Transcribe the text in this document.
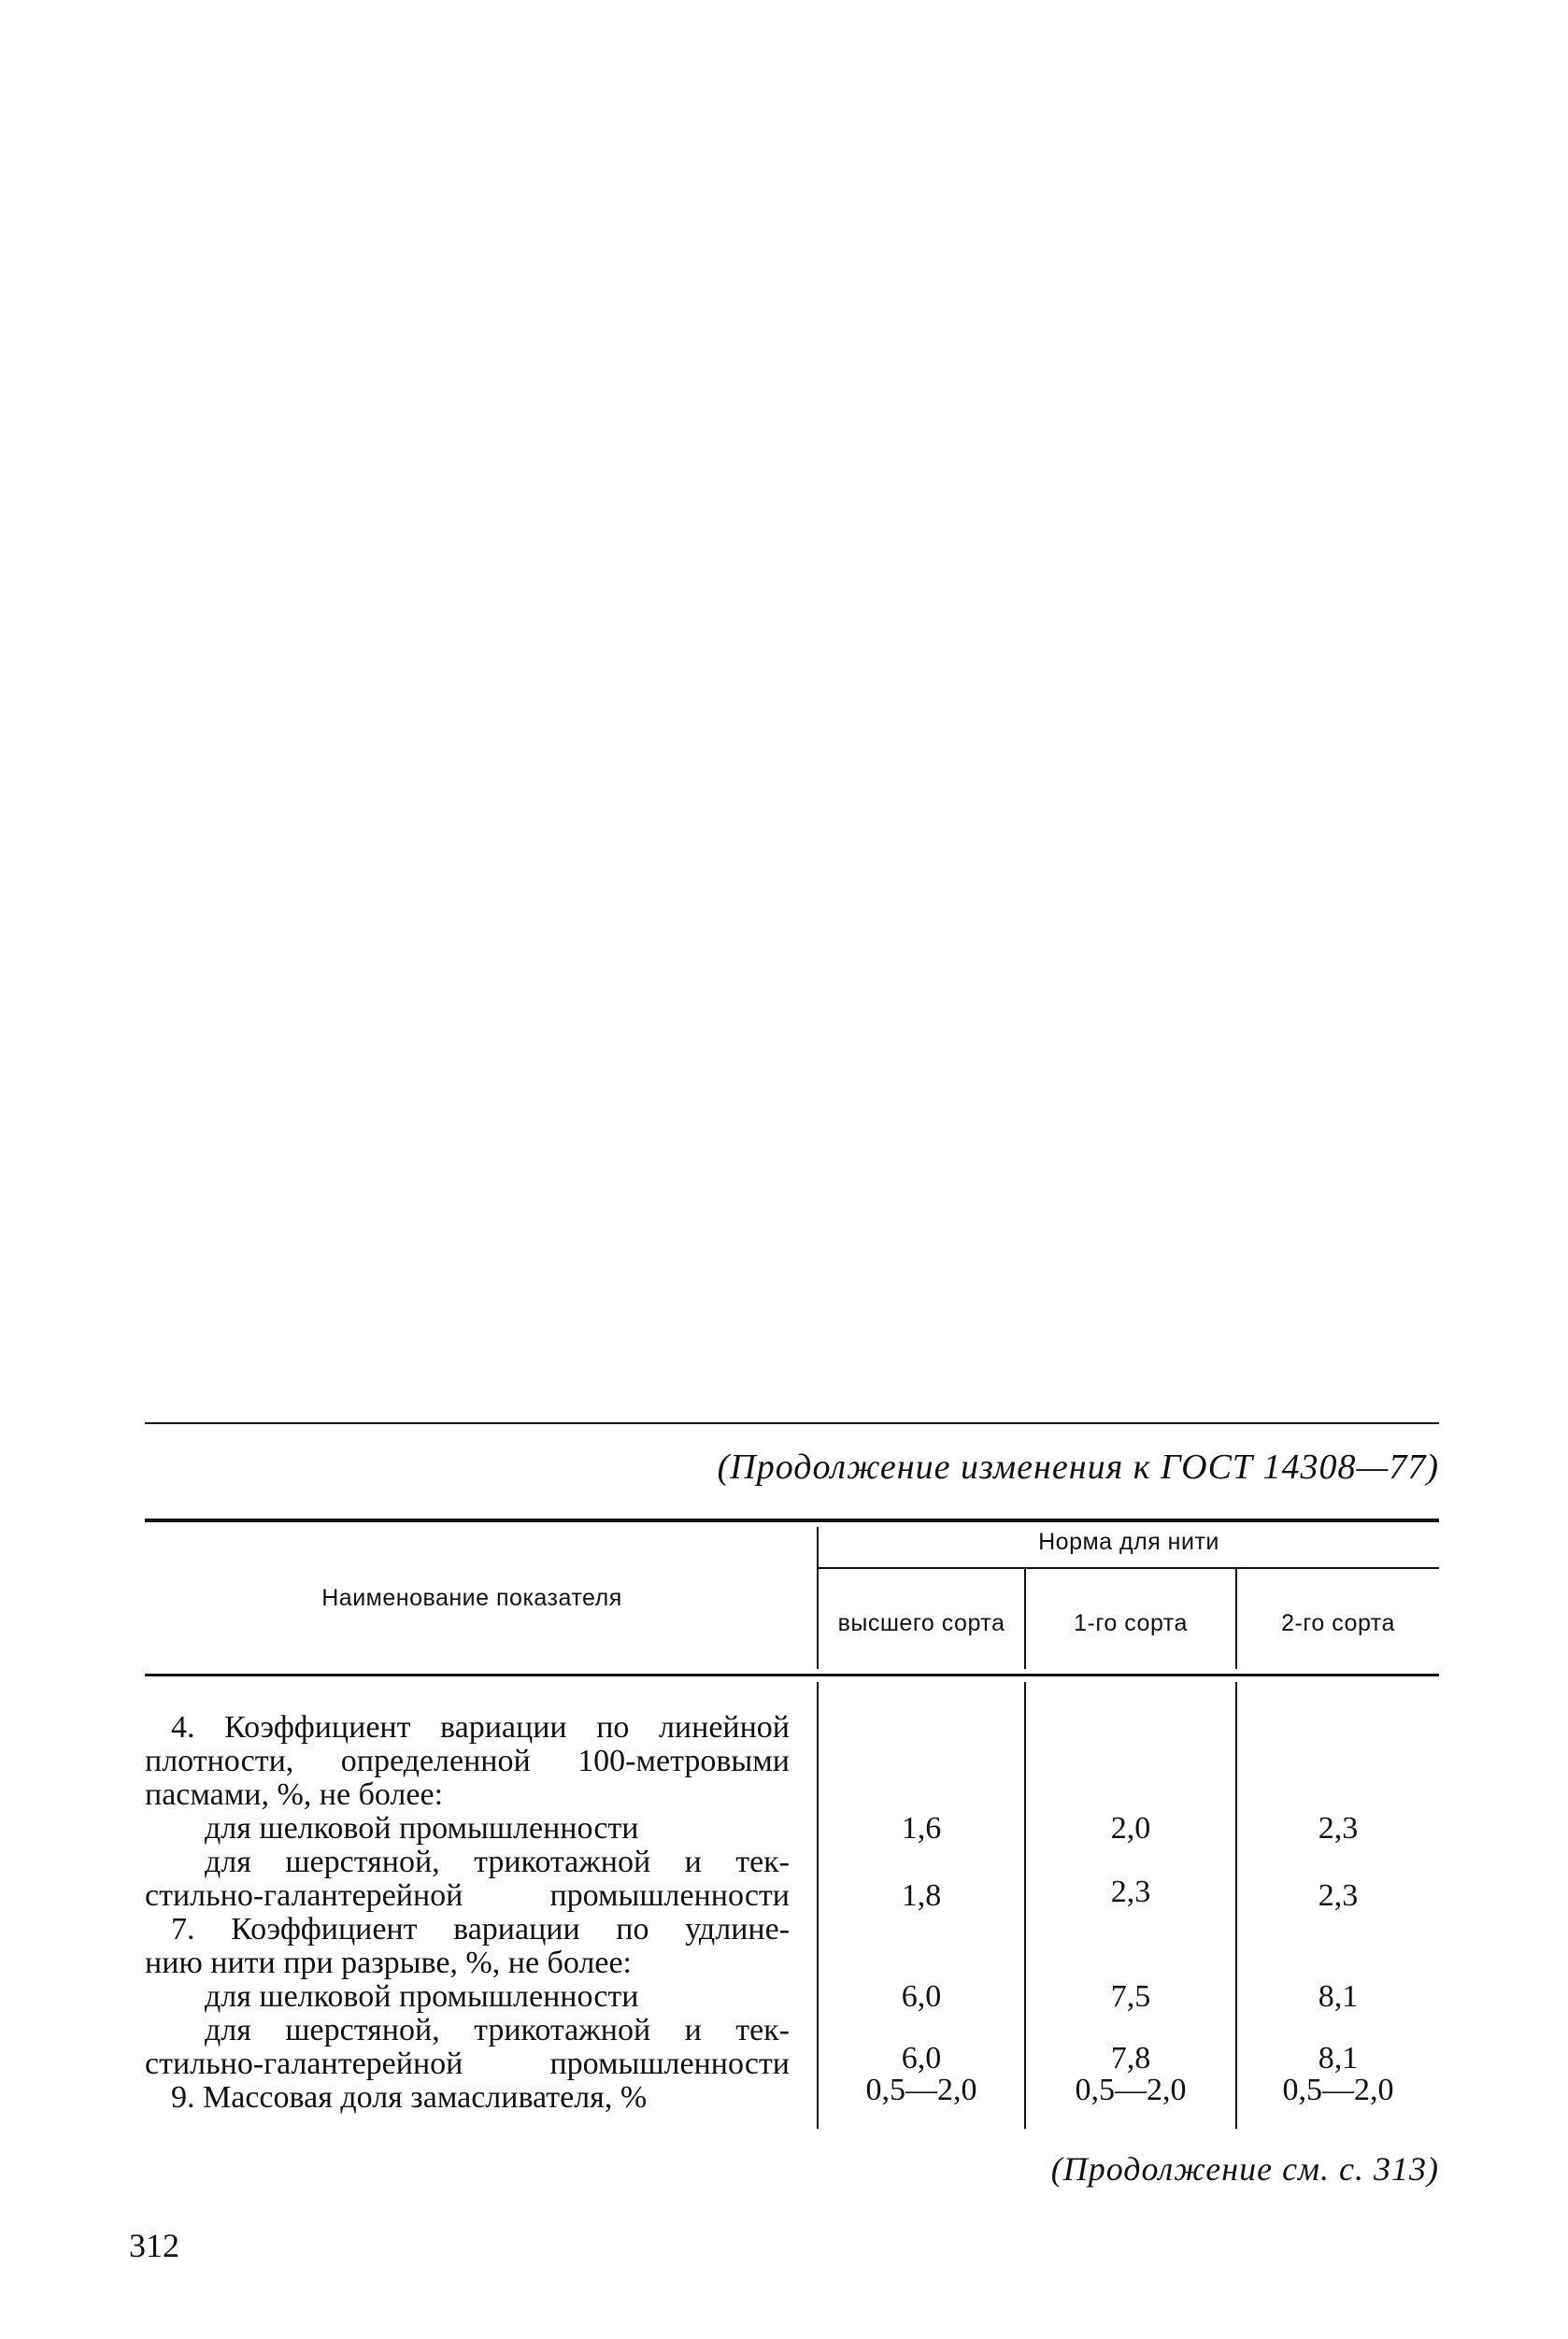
(Продолжение изменения к ГОСТ 14308—77)
Наименование показателя
Норма для нити
высшего сорта	1-го сорта	2-го сорта
4. Коэффициент вариации по линейной
плотности, определенной 100-метровыми
пасмами, %, не более:
для шелковой промышленности	1,6	2,0	2,3
для шерстяной, трикотажной и тек-
стильно-галантерейной промышленности	1,8	2,3	2,3
7. Коэффициент вариации по удлине-
нию нити при разрыве, %, не более:
для шелковой промышленности	6,0	7,5	8,1
для шерстяной, трикотажной и тек-
стильно-галантерейной промышленности	6,0	7,8	8,1
9. Массовая доля замасливателя, %	0,5—2,0	0,5—2,0	0,5—2,0
(Продолжение см. с. 313)
312
